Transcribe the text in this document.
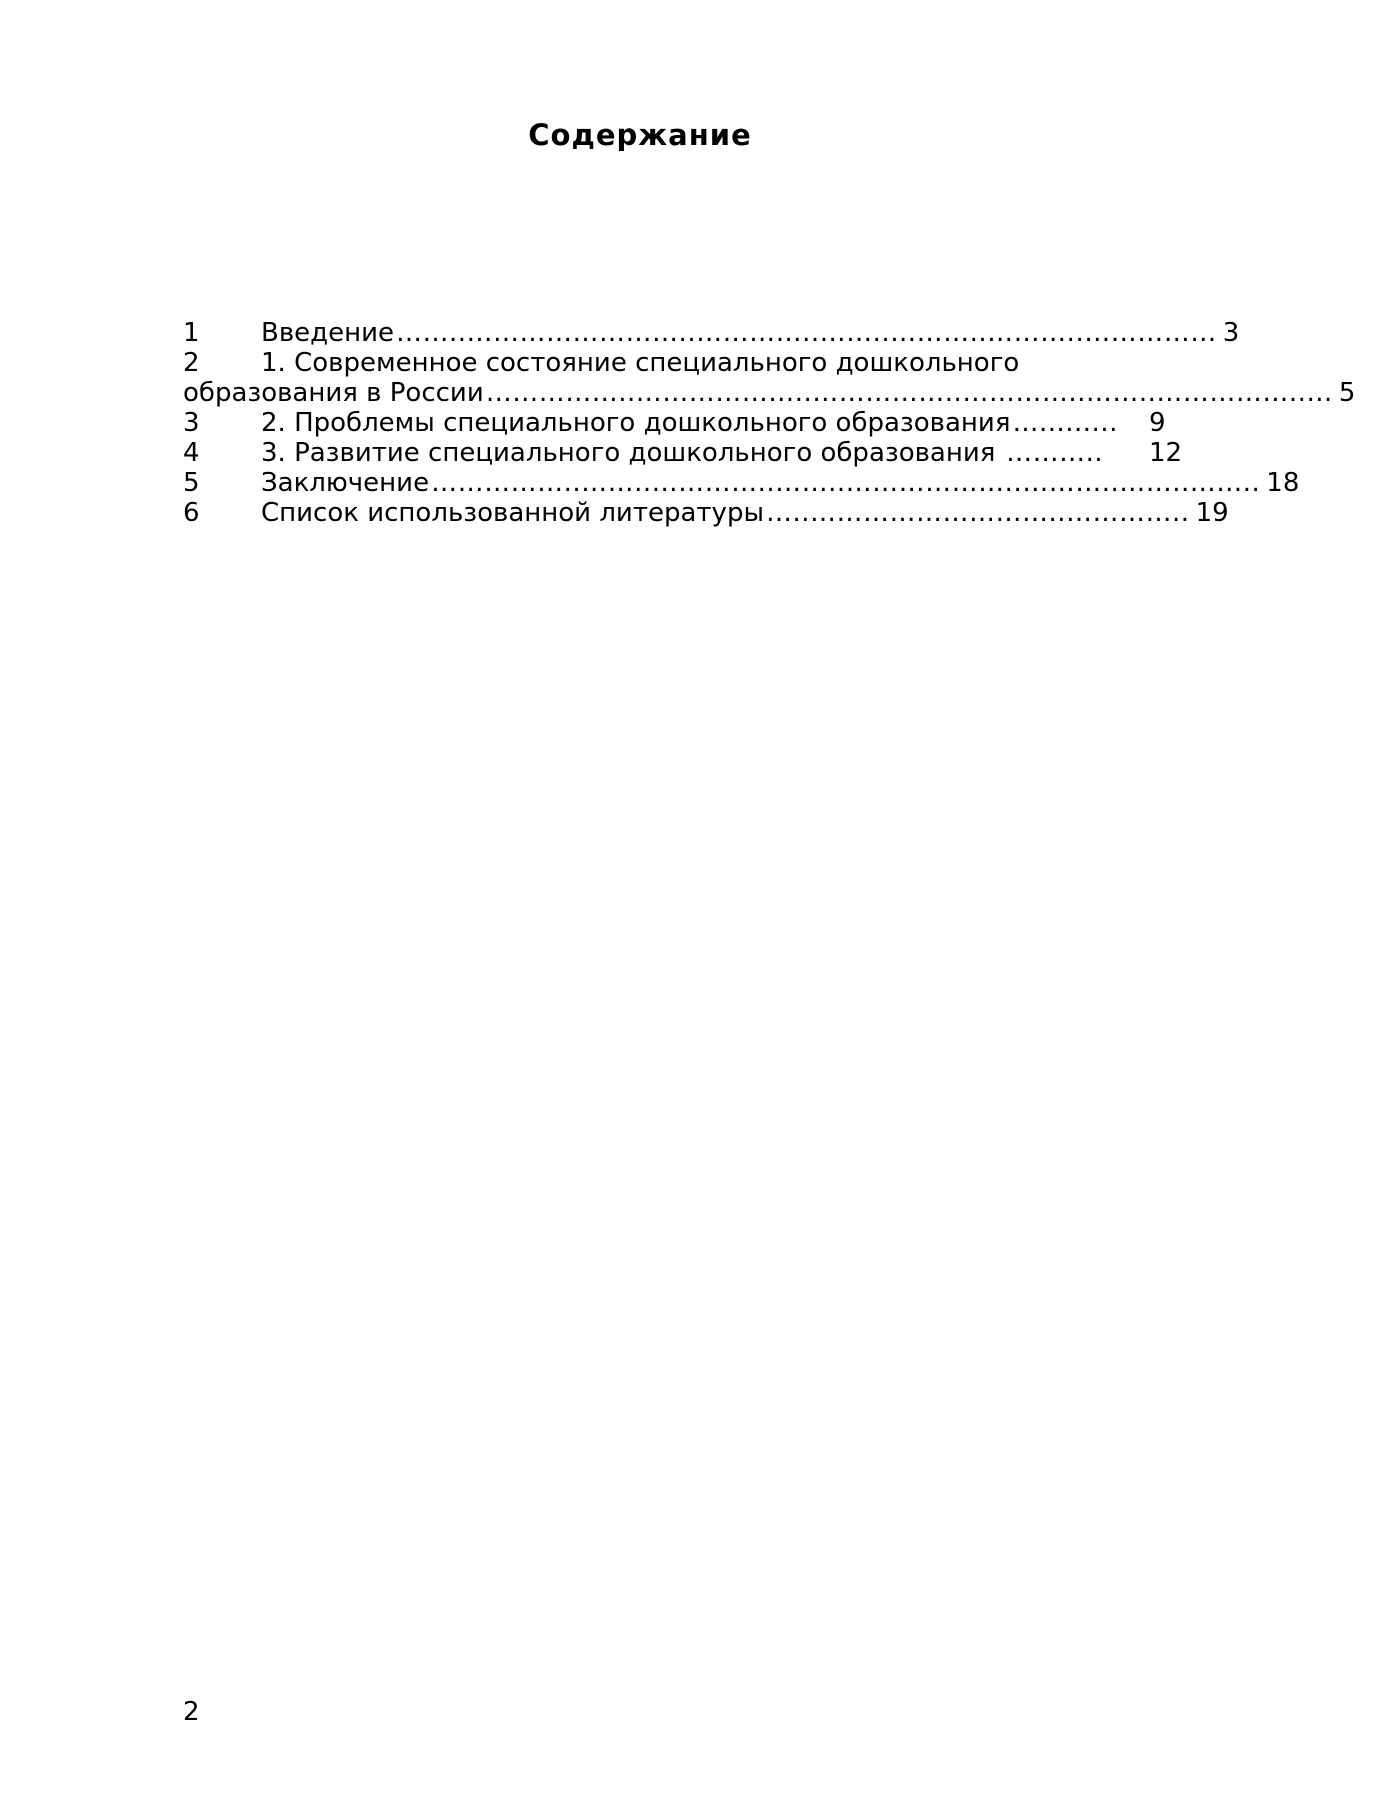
Содержание
1	Введение……..……………………..…………..……..………..………..…………… 3
2	1. Современное состояние специального дошкольного
образования в России……………..………………..……………..…………..……..……………..… 5
3	2. Проблемы специального дошкольного образования….........	9
4	3. Развитие специального дошкольного образования ………..	12
5	Заключение……………..……..…………..……..………………..………..……..…….. 18
6	Список использованной литературы…..………………………..………….. 19
2
